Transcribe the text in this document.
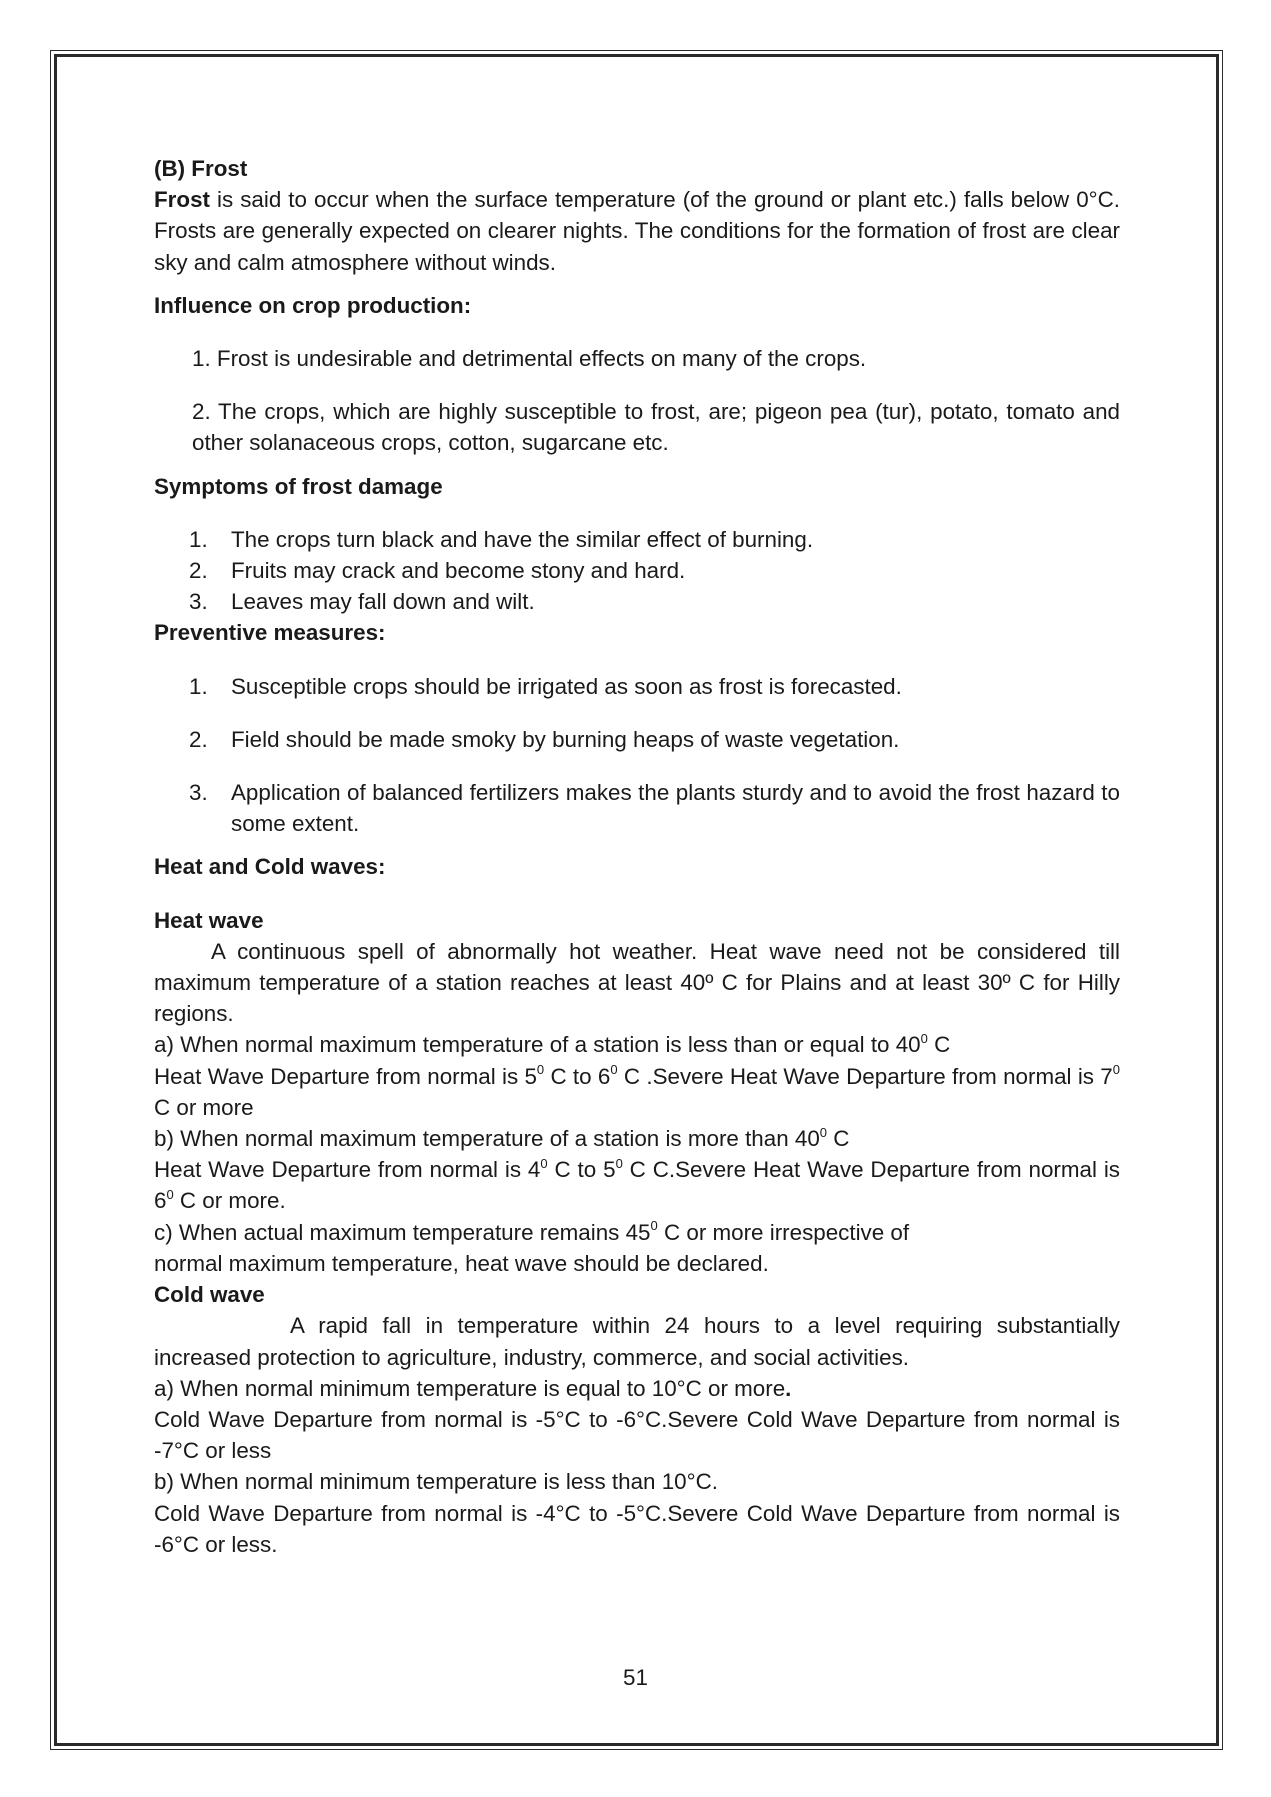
(B) Frost

Frost is said to occur when the surface temperature (of the ground or plant etc.) falls below 0°C. Frosts are generally expected on clearer nights. The conditions for the formation of frost are clear sky and calm atmosphere without winds.

Influence on crop production:

1. Frost is undesirable and detrimental effects on many of the crops.

2. The crops, which are highly susceptible to frost, are; pigeon pea (tur), potato, tomato and other solanaceous crops, cotton, sugarcane etc.

Symptoms of frost damage

1. The crops turn black and have the similar effect of burning.
2. Fruits may crack and become stony and hard.
3. Leaves may fall down and wilt.

Preventive measures:

1. Susceptible crops should be irrigated as soon as frost is forecasted.
2. Field should be made smoky by burning heaps of waste vegetation.
3. Application of balanced fertilizers makes the plants sturdy and to avoid the frost hazard to some extent.

Heat and Cold waves:

Heat wave

A continuous spell of abnormally hot weather. Heat wave need not be considered till maximum temperature of a station reaches at least 40º C for Plains and at least 30º C for Hilly regions.

a) When normal maximum temperature of a station is less than or equal to $40^0$ C

Heat Wave Departure from normal is $5^0$ C to $6^0$ C .Severe Heat Wave Departure from normal is $7^0$ C or more

b) When normal maximum temperature of a station is more than $40^0$ C

Heat Wave Departure from normal is $4^0$ C to $5^0$ C C.Severe Heat Wave Departure from normal is $6^0$ C or more.

c) When actual maximum temperature remains $45^0$ C or more irrespective of

normal maximum temperature, heat wave should be declared.

Cold wave

A rapid fall in temperature within 24 hours to a level requiring substantially increased protection to agriculture, industry, commerce, and social activities.

a) When normal minimum temperature is equal to 10°C or more.

Cold Wave Departure from normal is -5°C to -6°C.Severe Cold Wave Departure from normal is -7°C or less

b) When normal minimum temperature is less than 10°C.

Cold Wave Departure from normal is -4°C to -5°C.Severe Cold Wave Departure from normal is -6°C or less.

51
